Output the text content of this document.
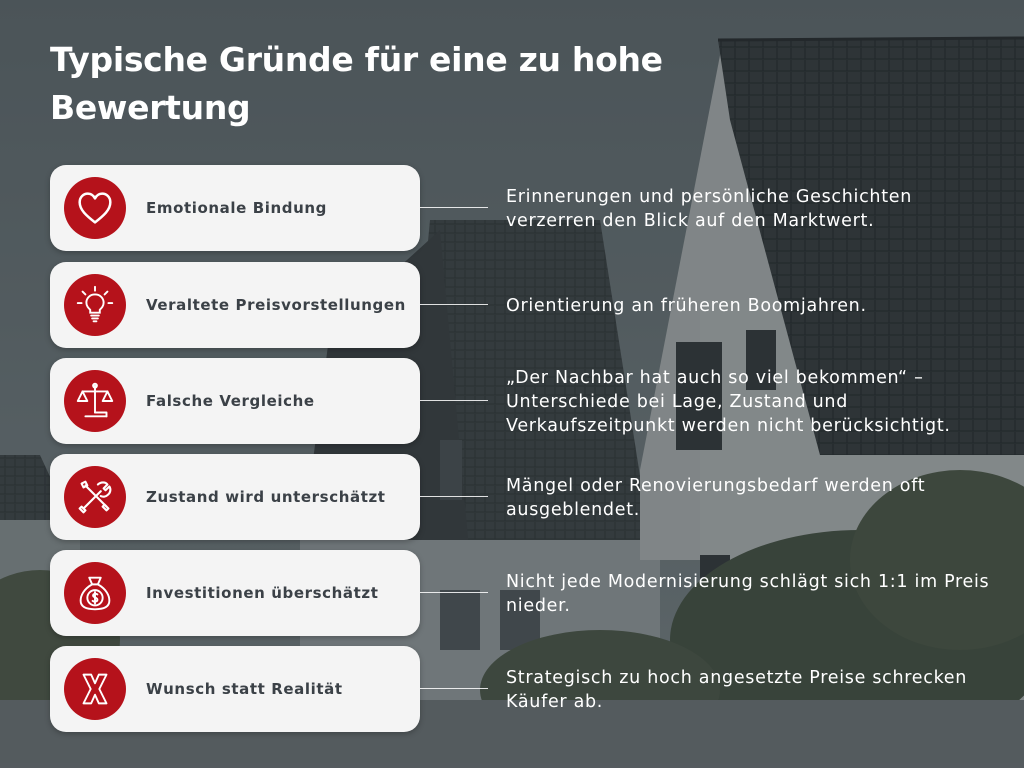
Typische Gründe für eine zu hohe Bewertung
Emotionale Bindung
Erinnerungen und persönliche Geschichten verzerren den Blick auf den Marktwert.
Veraltete Preisvorstellungen	Orientierung an früheren Boomjahren.
Falsche Vergleiche
„Der Nachbar hat auch so viel bekommen“ – Unterschiede bei Lage, Zustand und Verkaufszeitpunkt werden nicht berücksichtigt.
Zustand wird unterschätzt
Mängel oder Renovierungsbedarf werden oft ausgeblendet.
Investitionen überschätzt
Nicht jede Modernisierung schlägt sich 1:1 im Preis nieder.
Wunsch statt Realität
Strategisch zu hoch angesetzte Preise schrecken Käufer ab.
